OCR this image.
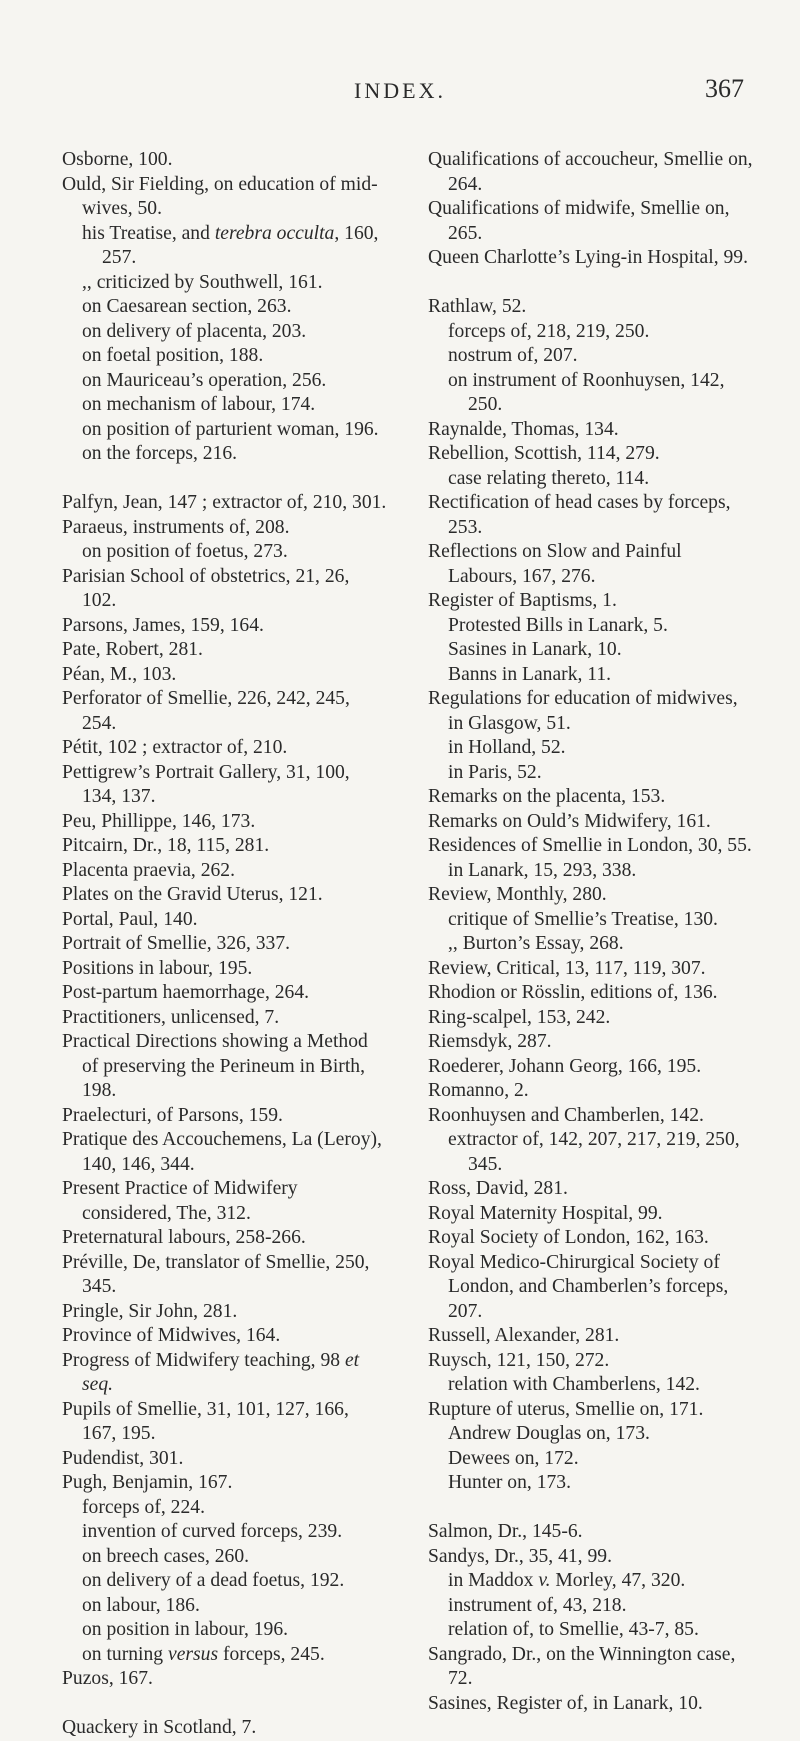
INDEX.	367
Osborne, 100.
Ould, Sir Fielding, on education of mid-wives, 50.
his Treatise, and terebra occulta, 160, 257.
,, criticized by Southwell, 161.
on Caesarean section, 263.
on delivery of placenta, 203.
on foetal position, 188.
on Mauriceau’s operation, 256.
on mechanism of labour, 174.
on position of parturient woman, 196.
on the forceps, 216.
Palfyn, Jean, 147 ; extractor of, 210, 301.
Paraeus, instruments of, 208.
on position of foetus, 273.
Parisian School of obstetrics, 21, 26, 102.
Parsons, James, 159, 164.
Pate, Robert, 281.
Péan, M., 103.
Perforator of Smellie, 226, 242, 245, 254.
Pétit, 102 ; extractor of, 210.
Pettigrew’s Portrait Gallery, 31, 100, 134, 137.
Peu, Phillippe, 146, 173.
Pitcairn, Dr., 18, 115, 281.
Placenta praevia, 262.
Plates on the Gravid Uterus, 121.
Portal, Paul, 140.
Portrait of Smellie, 326, 337.
Positions in labour, 195.
Post-partum haemorrhage, 264.
Practitioners, unlicensed, 7.
Practical Directions showing a Method of preserving the Perineum in Birth, 198.
Praelecturi, of Parsons, 159.
Pratique des Accouchemens, La (Leroy), 140, 146, 344.
Present Practice of Midwifery considered, The, 312.
Preternatural labours, 258-266.
Préville, De, translator of Smellie, 250, 345.
Pringle, Sir John, 281.
Province of Midwives, 164.
Progress of Midwifery teaching, 98 et seq.
Pupils of Smellie, 31, 101, 127, 166, 167, 195.
Pudendist, 301.
Pugh, Benjamin, 167.
forceps of, 224.
invention of curved forceps, 239.
on breech cases, 260.
on delivery of a dead foetus, 192.
on labour, 186.
on position in labour, 196.
on turning versus forceps, 245.
Puzos, 167.
Quackery in Scotland, 7.
Qualifications of accoucheur, Smellie on, 264.
Qualifications of midwife, Smellie on, 265.
Queen Charlotte’s Lying-in Hospital, 99.
Rathlaw, 52.
forceps of, 218, 219, 250.
nostrum of, 207.
on instrument of Roonhuysen, 142, 250.
Raynalde, Thomas, 134.
Rebellion, Scottish, 114, 279.
case relating thereto, 114.
Rectification of head cases by forceps, 253.
Reflections on Slow and Painful Labours, 167, 276.
Register of Baptisms, 1.
Protested Bills in Lanark, 5.
Sasines in Lanark, 10.
Banns in Lanark, 11.
Regulations for education of midwives, in Glasgow, 51.
in Holland, 52.
in Paris, 52.
Remarks on the placenta, 153.
Remarks on Ould’s Midwifery, 161.
Residences of Smellie in London, 30, 55.
in Lanark, 15, 293, 338.
Review, Monthly, 280.
critique of Smellie’s Treatise, 130.
,, Burton’s Essay, 268.
Review, Critical, 13, 117, 119, 307.
Rhodion or Rösslin, editions of, 136.
Ring-scalpel, 153, 242.
Riemsdyk, 287.
Roederer, Johann Georg, 166, 195.
Romanno, 2.
Roonhuysen and Chamberlen, 142.
extractor of, 142, 207, 217, 219, 250, 345.
Ross, David, 281.
Royal Maternity Hospital, 99.
Royal Society of London, 162, 163.
Royal Medico-Chirurgical Society of London, and Chamberlen’s forceps, 207.
Russell, Alexander, 281.
Ruysch, 121, 150, 272.
relation with Chamberlens, 142.
Rupture of uterus, Smellie on, 171.
Andrew Douglas on, 173.
Dewees on, 172.
Hunter on, 173.
Salmon, Dr., 145-6.
Sandys, Dr., 35, 41, 99.
in Maddox v. Morley, 47, 320.
instrument of, 43, 218.
relation of, to Smellie, 43-7, 85.
Sangrado, Dr., on the Winnington case, 72.
Sasines, Register of, in Lanark, 10.
